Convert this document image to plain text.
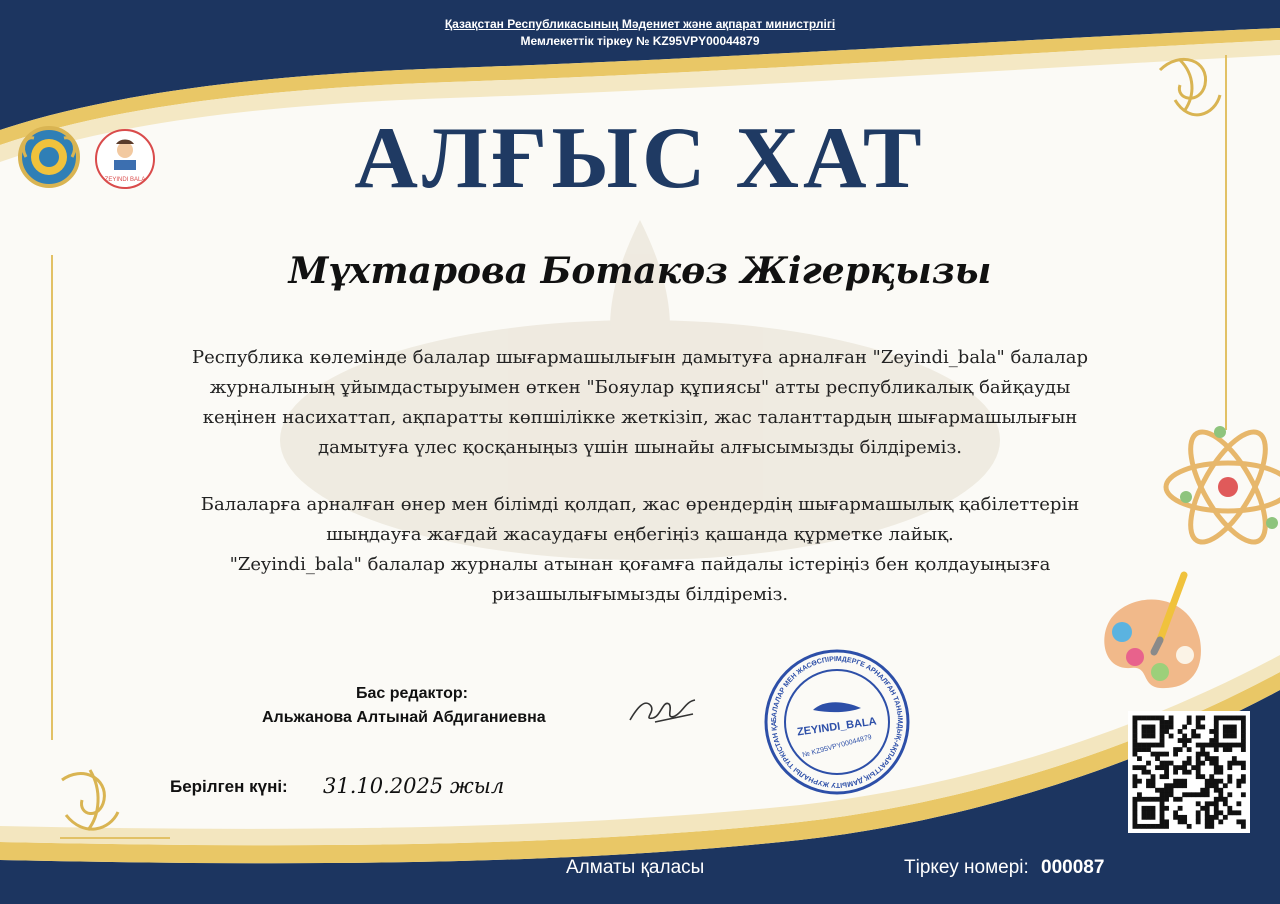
Қазақстан Республикасының Мәдениет және ақпарат министрлігі
Мемлекеттік тіркеу № KZ95VPY00044879
ZEYINDI BALA	АЛҒЫС ХАТ
Мұхтарова Ботакөз Жігерқызы

Республика көлемінде балалар шығармашылығын дамытуға арналған "Zeyindi_bala" балалар журналының ұйымдастыруымен өткен "Бояулар құпиясы" атты республикалық байқауды кеңінен насихаттап, ақпаратты көпшілікке жеткізіп, жас таланттардың шығармашылығын дамытуға үлес қосқаныңыз үшін шынайы алғысымызды білдіреміз.

Балаларға арналған өнер мен білімді қолдап, жас өрендердің шығармашылық қабілеттерін шыңдауға жағдай жасаудағы еңбегіңіз қашанда құрметке лайық.

"Zeyindi_bala" балалар журналы атынан қоғамға пайдалы істеріңіз бен қолдауыңызға ризашылығымызды білдіреміз.

Бас редактор:
Альжанова Алтынай Абдиганиевна	БАЛАЛАР МЕН ЖАСӨСПІРІМДЕРГЕ АРНАЛҒАН ТАНЫМДЫҚ-АҚПАРАТТЫҚ ДАМЫТУ ЖУРНАЛЫ ТҮРКІСТАН ҚА	ZEYINDI_BALA
№ KZ95VPY00044879
Берілген күні: 31.10.2025 жыл
Алматы қаласы	Тіркеу номері: 000087
